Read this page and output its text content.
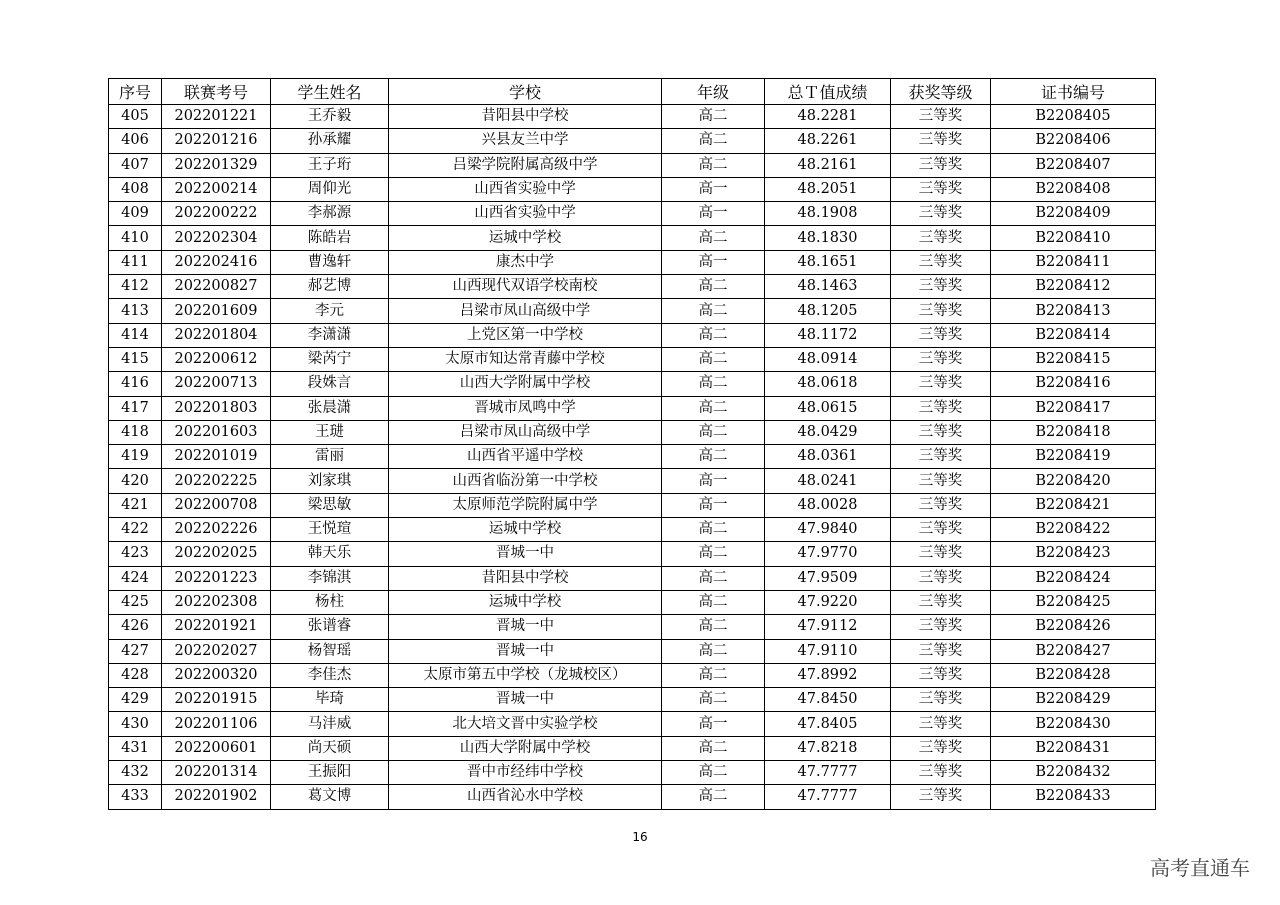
序号	联赛考号	学生姓名	学校	年级	总Ｔ值成绩	获奖等级	证书编号
405	202201221	王乔毅	昔阳县中学校	高二	48.2281	三等奖	B2208405
406	202201216	孙承耀	兴县友兰中学	高二	48.2261	三等奖	B2208406
407	202201329	王子珩	吕梁学院附属高级中学	高二	48.2161	三等奖	B2208407
408	202200214	周仰光	山西省实验中学	高一	48.2051	三等奖	B2208408
409	202200222	李郝源	山西省实验中学	高一	48.1908	三等奖	B2208409
410	202202304	陈皓岩	运城中学校	高二	48.1830	三等奖	B2208410
411	202202416	曹逸轩	康杰中学	高一	48.1651	三等奖	B2208411
412	202200827	郝艺博	山西现代双语学校南校	高二	48.1463	三等奖	B2208412
413	202201609	李元	吕梁市凤山高级中学	高二	48.1205	三等奖	B2208413
414	202201804	李潇潇	上党区第一中学校	高二	48.1172	三等奖	B2208414
415	202200612	梁芮宁	太原市知达常青藤中学校	高二	48.0914	三等奖	B2208415
416	202200713	段姝言	山西大学附属中学校	高二	48.0618	三等奖	B2208416
417	202201803	张晨潇	晋城市凤鸣中学	高二	48.0615	三等奖	B2208417
418	202201603	王琎	吕梁市凤山高级中学	高二	48.0429	三等奖	B2208418
419	202201019	雷丽	山西省平遥中学校	高二	48.0361	三等奖	B2208419
420	202202225	刘家琪	山西省临汾第一中学校	高一	48.0241	三等奖	B2208420
421	202200708	梁思敏	太原师范学院附属中学	高一	48.0028	三等奖	B2208421
422	202202226	王悦瑄	运城中学校	高二	47.9840	三等奖	B2208422
423	202202025	韩天乐	晋城一中	高二	47.9770	三等奖	B2208423
424	202201223	李锦淇	昔阳县中学校	高二	47.9509	三等奖	B2208424
425	202202308	杨柱	运城中学校	高二	47.9220	三等奖	B2208425
426	202201921	张谱睿	晋城一中	高二	47.9112	三等奖	B2208426
427	202202027	杨智瑶	晋城一中	高二	47.9110	三等奖	B2208427
428	202200320	李佳杰	太原市第五中学校（龙城校区）	高二	47.8992	三等奖	B2208428
429	202201915	毕琦	晋城一中	高二	47.8450	三等奖	B2208429
430	202201106	马沣威	北大培文晋中实验学校	高一	47.8405	三等奖	B2208430
431	202200601	尚天硕	山西大学附属中学校	高二	47.8218	三等奖	B2208431
432	202201314	王振阳	晋中市经纬中学校	高二	47.7777	三等奖	B2208432
433	202201902	葛文博	山西省沁水中学校	高二	47.7777	三等奖	B2208433
16
高考直通车
